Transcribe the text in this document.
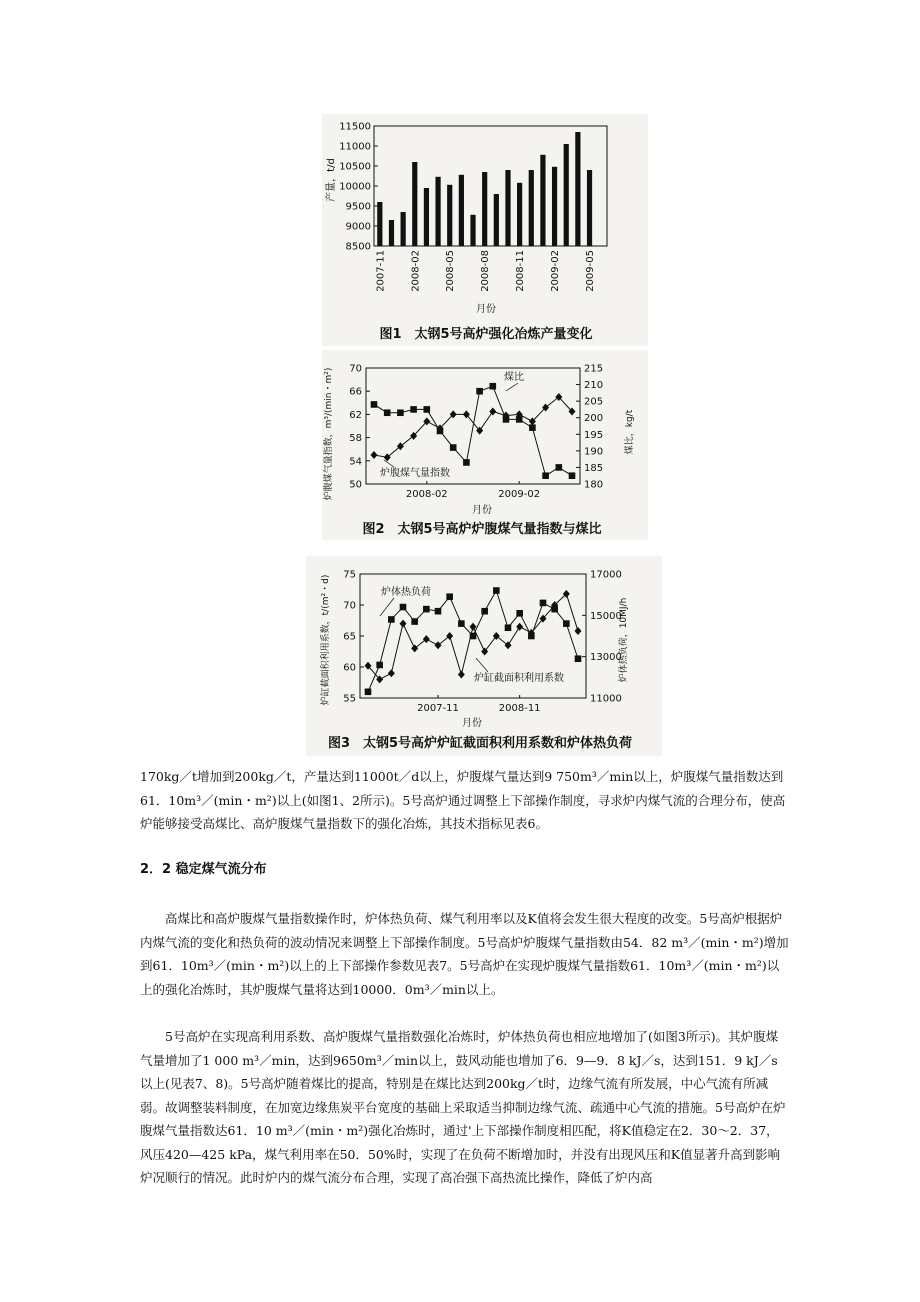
8500
9000
9500
10000
10500
11000
11500
2007-11 2008-02 2008-05 2008-08 2008-11 2009-02 2009-05
产量，t/d
月份
图1　太钢5号高炉强化冶炼产量变化
50
54
58
62
66
70
180
185
190
195
200
205
210
215
2008-02	2009-02
炉腹煤气量指数，m³/(min・m²)	煤比，kg/t
月份
煤比
炉腹煤气量指数
图2　太钢5号高炉炉腹煤气量指数与煤比
55
60
65
70
75
11000
13000
15000
17000
2007-11	2008-11
炉缸截面积利用系数，t/(m²・d)	炉体热负荷，10MJ/h
月份
炉体热负荷
炉缸截面积利用系数
图3　太钢5号高炉炉缸截面积利用系数和炉体热负荷

170kg／t增加到200kg／t，产量达到11000t／d以上，炉腹煤气量达到9 750m³／min以上，炉腹煤气量指数达到61．10m³／(min・m²)以上(如图1、2所示)。5号高炉通过调整上下部操作制度，寻求炉内煤气流的合理分布，使高炉能够接受高煤比、高炉腹煤气量指数下的强化冶炼，其技术指标见表6。

2．2 稳定煤气流分布

高煤比和高炉腹煤气量指数操作时，炉体热负荷、煤气利用率以及K值将会发生很大程度的改变。5号高炉根据炉内煤气流的变化和热负荷的波动情况来调整上下部操作制度。5号高炉炉腹煤气量指数由54．82 m³／(min・m²)增加到61．10m³／(min・m²)以上的上下部操作参数见表7。5号高炉在实现炉腹煤气量指数61．10m³／(min・m²)以上的强化冶炼时，其炉腹煤气量将达到10000．0m³／min以上。

5号高炉在实现高利用系数、高炉腹煤气量指数强化冶炼时，炉体热负荷也相应地增加了(如图3所示)。其炉腹煤气量增加了1 000 m³／min，达到9650m³／min以上，鼓风动能也增加了6．9—9．8 kJ／s，达到151．9 kJ／s以上(见表7、8)。5号高炉随着煤比的提高，特别是在煤比达到200kg／t时，边缘气流有所发展，中心气流有所减弱。故调整装料制度，在加宽边缘焦炭平台宽度的基础上采取适当抑制边缘气流、疏通中心气流的措施。5号高炉在炉腹煤气量指数达61．10 m³／(min・m²)强化冶炼时，通过'上下部操作制度相匹配，将K值稳定在2．30～2．37，风压420—425 kPa，煤气利用率在50．50%时，实现了在负荷不断增加时，并没有出现风压和K值显著升高到影响炉况顺行的情况。此时炉内的煤气流分布合理，实现了高冶强下高热流比操作，降低了炉内高
